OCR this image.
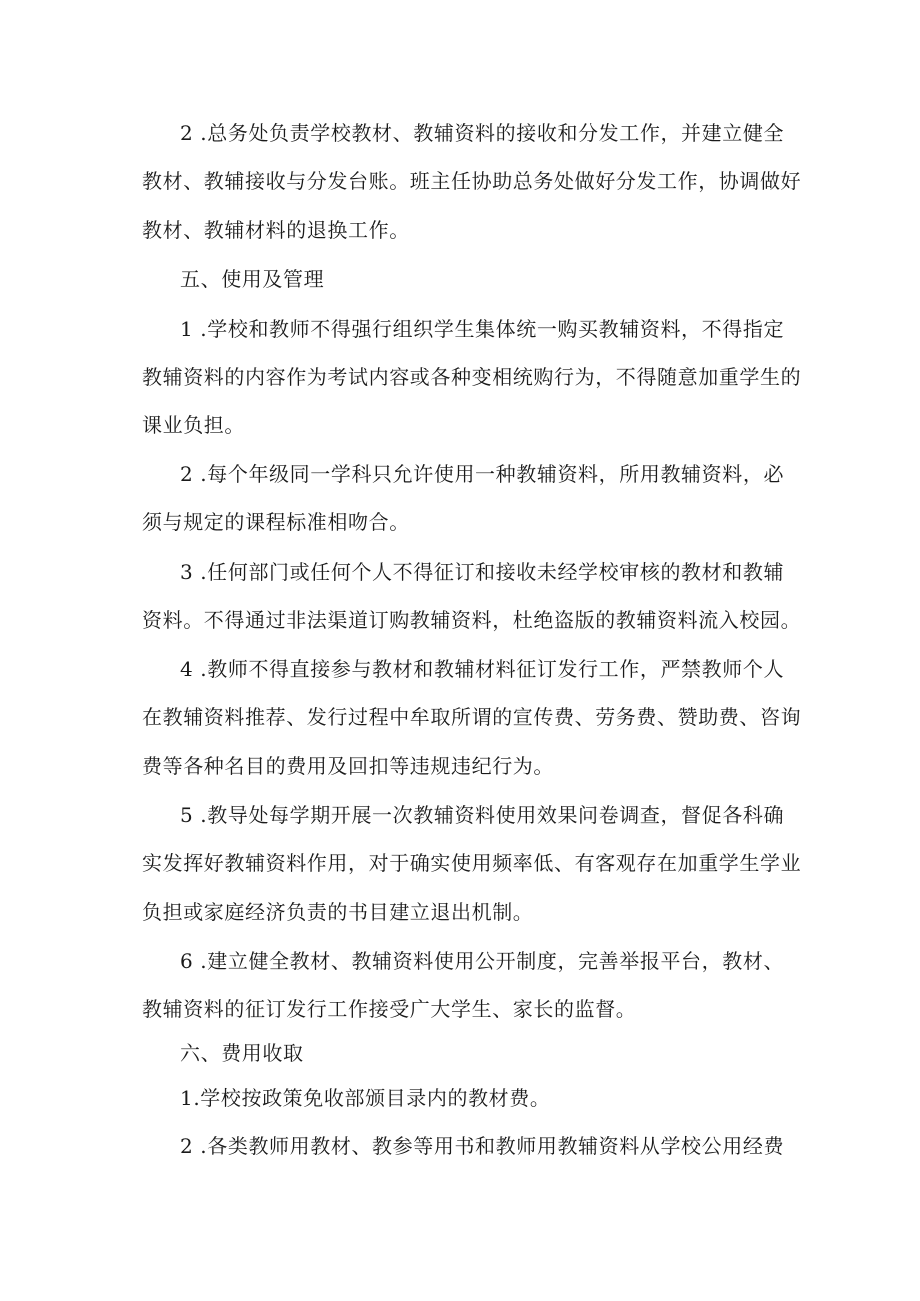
2 .总务处负责学校教材、教辅资料的接收和分发工作，并建立健全
教材、教辅接收与分发台账。班主任协助总务处做好分发工作，协调做好
教材、教辅材料的退换工作。
五、使用及管理
1 .学校和教师不得强行组织学生集体统一购买教辅资料，不得指定
教辅资料的内容作为考试内容或各种变相统购行为，不得随意加重学生的
课业负担。
2 .每个年级同一学科只允许使用一种教辅资料，所用教辅资料，必
须与规定的课程标准相吻合。
3 .任何部门或任何个人不得征订和接收未经学校审核的教材和教辅
资料。不得通过非法渠道订购教辅资料，杜绝盗版的教辅资料流入校园。
4 .教师不得直接参与教材和教辅材料征订发行工作，严禁教师个人
在教辅资料推荐、发行过程中牟取所谓的宣传费、劳务费、赞助费、咨询
费等各种名目的费用及回扣等违规违纪行为。
5 .教导处每学期开展一次教辅资料使用效果问卷调查，督促各科确
实发挥好教辅资料作用，对于确实使用频率低、有客观存在加重学生学业
负担或家庭经济负责的书目建立退出机制。
6 .建立健全教材、教辅资料使用公开制度，完善举报平台，教材、
教辅资料的征订发行工作接受广大学生、家长的监督。
六、费用收取
1.学校按政策免收部颁目录内的教材费。
2 .各类教师用教材、教参等用书和教师用教辅资料从学校公用经费
